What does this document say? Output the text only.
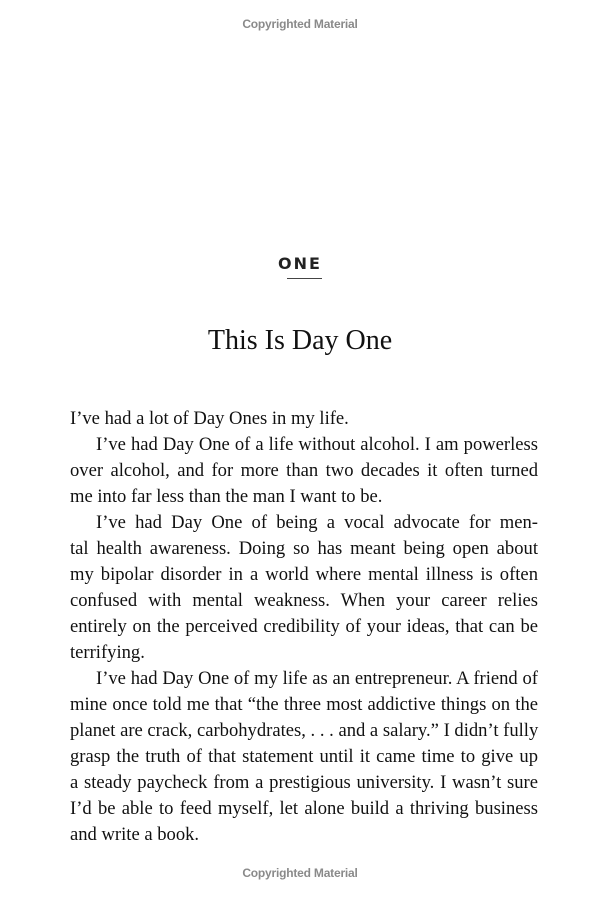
Copyrighted Material
ONE
This Is Day One
I’ve had a lot of Day Ones in my life.
I’ve had Day One of a life without alcohol. I am powerless
over alcohol, and for more than two decades it often turned
me into far less than the man I want to be.
I’ve had Day One of being a vocal advocate for men-
tal health awareness. Doing so has meant being open about
my bipolar disorder in a world where mental illness is often
confused with mental weakness. When your career relies
entirely on the perceived credibility of your ideas, that can be
terrifying.
I’ve had Day One of my life as an entrepreneur. A friend of
mine once told me that “the three most addictive things on the
planet are crack, carbohydrates, . . . and a salary.” I didn’t fully
grasp the truth of that statement until it came time to give up
a steady paycheck from a prestigious university. I wasn’t sure
I’d be able to feed myself, let alone build a thriving business
and write a book.
Copyrighted Material
